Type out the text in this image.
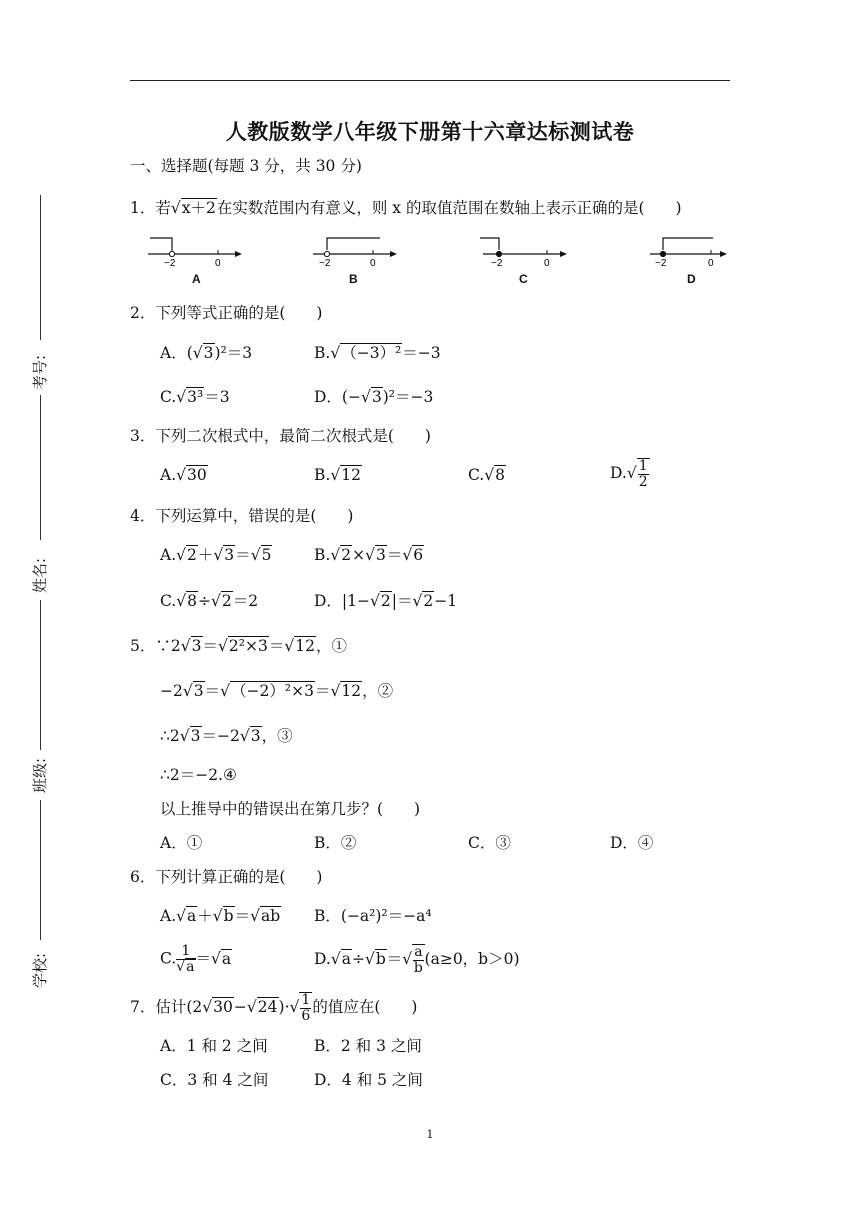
人教版数学八年级下册第十六章达标测试卷
一、选择题(每题 3 分，共 30 分)
考号:
姓名:
班级:
学校:
1．若√x＋2在实数范围内有意义，则 x 的取值范围在数轴上表示正确的是(　　)
−2	0
A
−2	0
B
−2	0
C
−2	0
D
2．下列等式正确的是(　　)
A．(√3)²＝3	B.√（−3）²＝−3
C.√3³＝3	D．(−√3)²＝−3
3．下列二次根式中，最简二次根式是(　　)
A.√30	B.√12	C.√8	$D.√ \frac{1}{2}$
4．下列运算中，错误的是(　　)
A.√2＋√3＝√5	B.√2×√3＝√6
C.√8÷√2＝2	D．|1−√2|＝√2−1
5．∵2√3＝√2²×3＝√12，①
−2√3＝√（−2）²×3＝√12，②
∴2√3＝−2√3，③
∴2＝−2.④
以上推导中的错误出在第几步？(　　)
A．①	B．②	C．③	D．④
6．下列计算正确的是(　　)
A.√a＋√b＝√ab B．(−a²)²＝−a⁴
C. $\frac{1}{√a} =√a$	$D.√a\div√b=√ \frac{a}{b} (a\ge 0$，b＞0)
7．估计$(2√30-√24)\cdot√ \frac{1}{6}$ 的值应在(　　)
A．1 和 2 之间	B．2 和 3 之间
C．3 和 4 之间	D．4 和 5 之间
1
